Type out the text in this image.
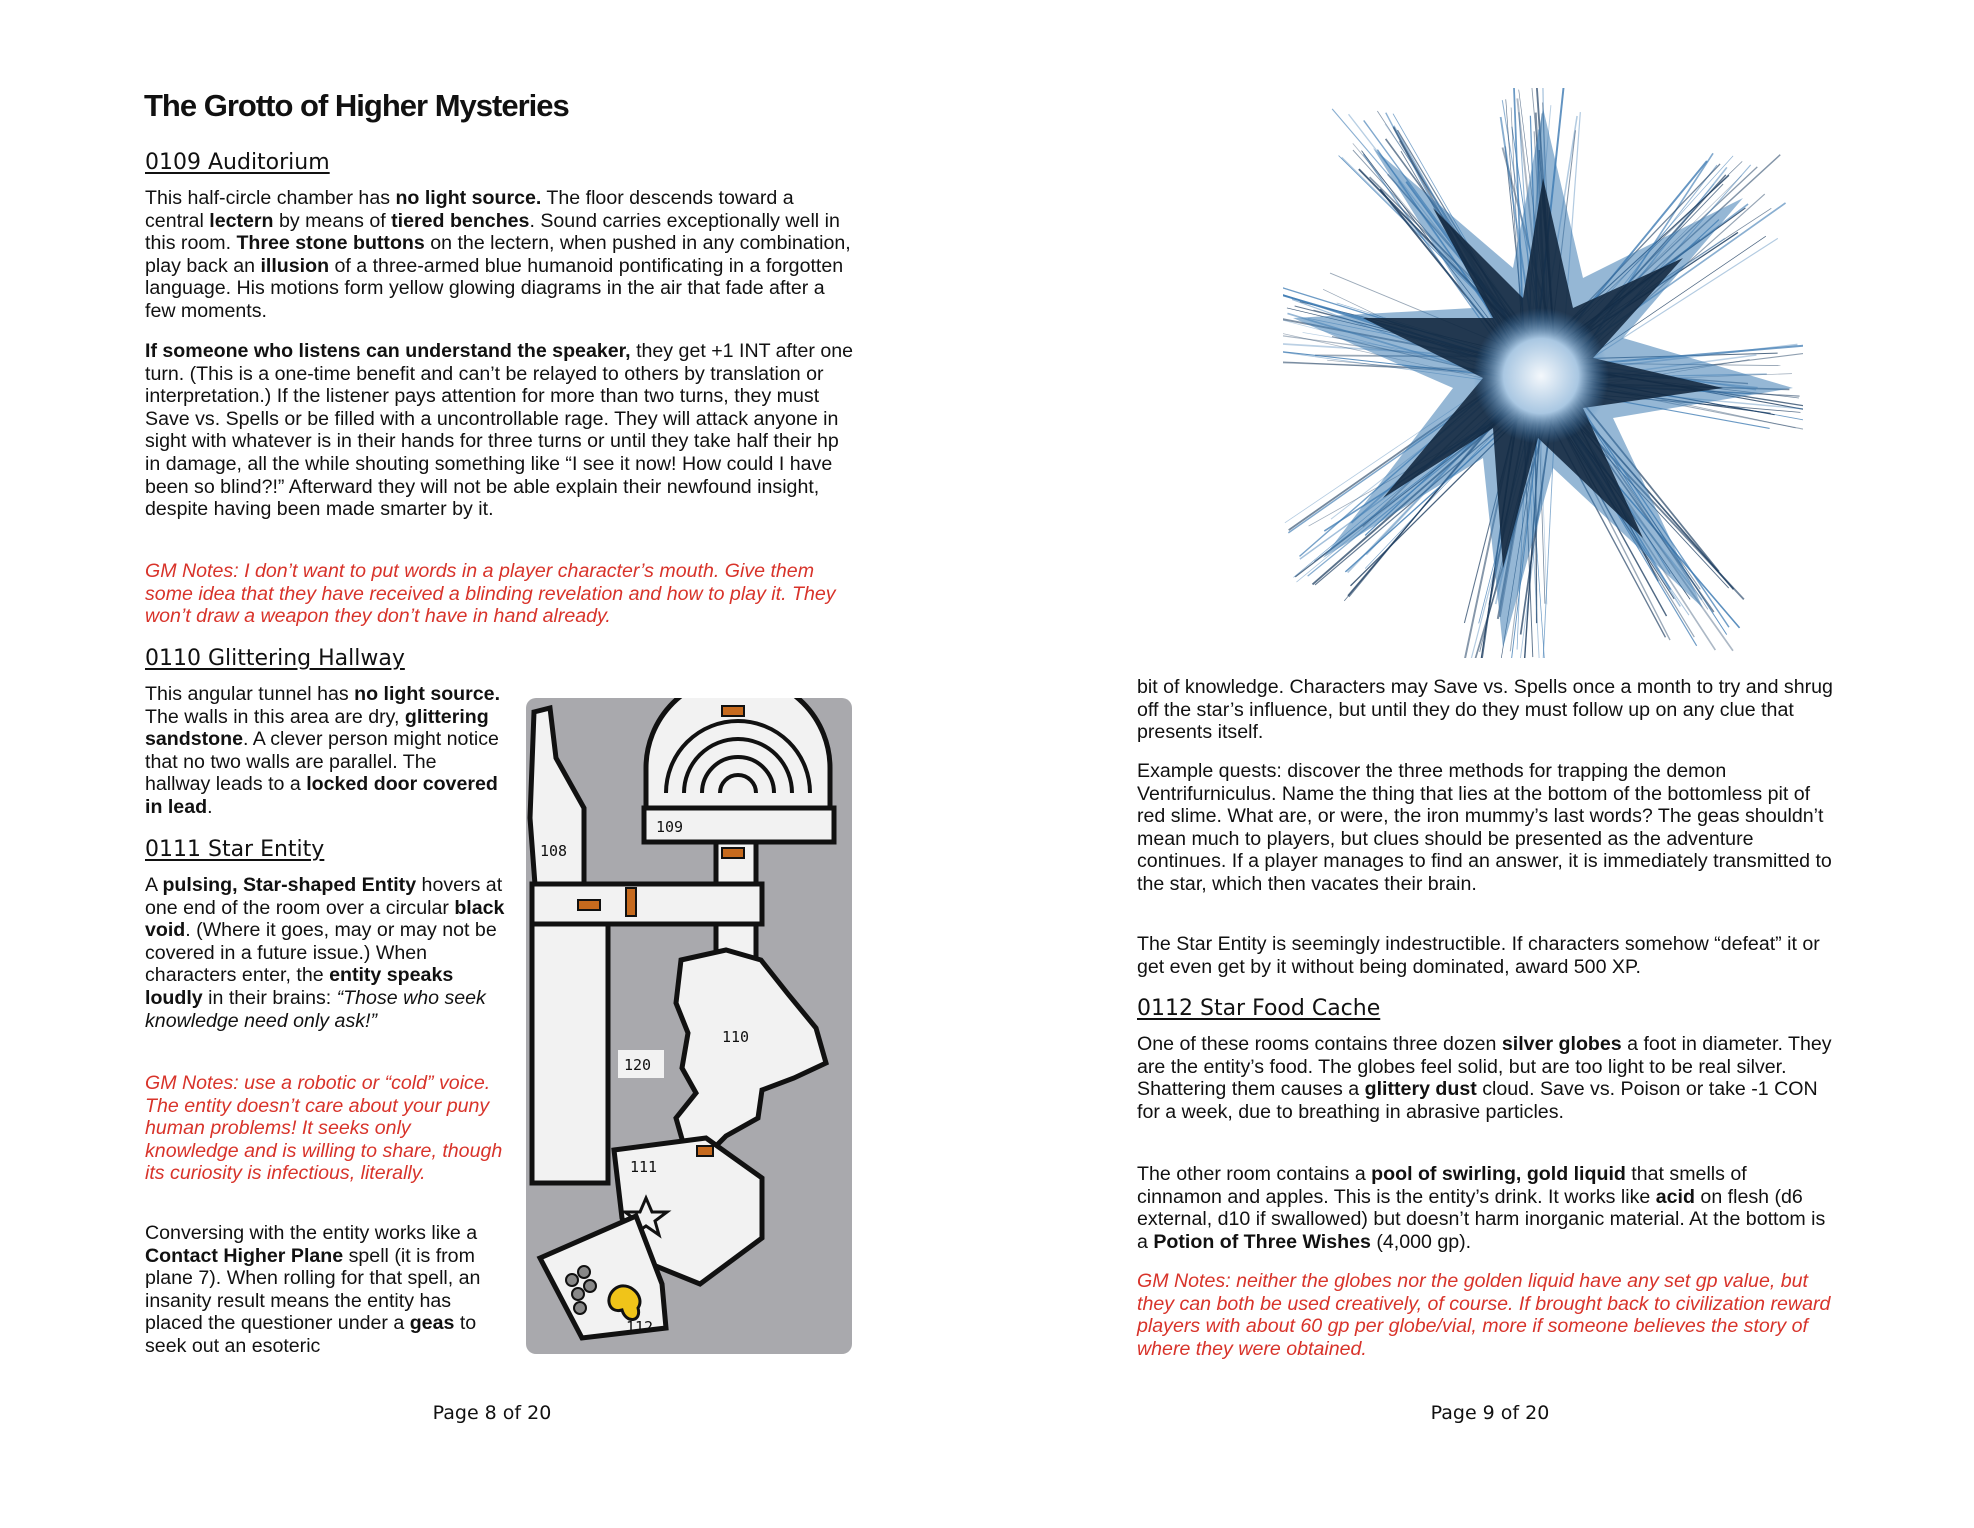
The Grotto of Higher Mysteries
0109 Auditorium

This half-circle chamber has no light source. The floor descends toward a central lectern by means of tiered benches. Sound carries exceptionally well in this room. Three stone buttons on the lectern, when pushed in any combination, play back an illusion of a three-armed blue humanoid pontificating in a forgotten language. His motions form yellow glowing diagrams in the air that fade after a few moments.

If someone who listens can understand the speaker, they get +1 INT after one turn. (This is a one-time benefit and can’t be relayed to others by translation or interpretation.) If the listener pays attention for more than two turns, they must Save vs. Spells or be filled with a uncontrollable rage. They will attack anyone in sight with whatever is in their hands for three turns or until they take half their hp in damage, all the while shouting something like “I see it now! How could I have been so blind?!” Afterward they will not be able explain their newfound insight, despite having been made smarter by it.

GM Notes: I don’t want to put words in a player character’s mouth. Give them some idea that they have received a blinding revelation and how to play it. They won’t draw a weapon they don’t have in hand already.

0110 Glittering Hallway

This angular tunnel has no light source. The walls in this area are dry, glittering sandstone. A clever person might notice that no two walls are parallel. The hallway leads to a locked door covered in lead.

0111 Star Entity

A pulsing, Star-shaped Entity hovers at one end of the room over a circular black void. (Where it goes, may or may not be covered in a future issue.) When characters enter, the entity speaks loudly in their brains: “Those who seek knowledge need only ask!”

GM Notes: use a robotic or “cold” voice. The entity doesn’t care about your puny human problems! It seeks only knowledge and is willing to share, though its curiosity is infectious, literally.

Conversing with the entity works like a Contact Higher Plane spell (it is from plane 7). When rolling for that spell, an insanity result means the entity has placed the questioner under a geas to seek out an esoteric

108
109
110
120
111
112

Page 8 of 20

bit of knowledge. Characters may Save vs. Spells once a month to try and shrug off the star’s influence, but until they do they must follow up on any clue that presents itself.

Example quests: discover the three methods for trapping the demon Ventrifurniculus. Name the thing that lies at the bottom of the bottomless pit of red slime. What are, or were, the iron mummy’s last words? The geas shouldn’t mean much to players, but clues should be presented as the adventure continues. If a player manages to find an answer, it is immediately transmitted to the star, which then vacates their brain.

The Star Entity is seemingly indestructible. If characters somehow “defeat” it or get even get by it without being dominated, award 500 XP.

0112 Star Food Cache

One of these rooms contains three dozen silver globes a foot in diameter. They are the entity’s food. The globes feel solid, but are too light to be real silver. Shattering them causes a glittery dust cloud. Save vs. Poison or take -1 CON for a week, due to breathing in abrasive particles.

The other room contains a pool of swirling, gold liquid that smells of cinnamon and apples. This is the entity’s drink. It works like acid on flesh (d6 external, d10 if swallowed) but doesn’t harm inorganic material. At the bottom is a Potion of Three Wishes (4,000 gp).

GM Notes: neither the globes nor the golden liquid have any set gp value, but they can both be used creatively, of course. If brought back to civilization reward players with about 60 gp per globe/vial, more if someone believes the story of where they were obtained.

Page 9 of 20
